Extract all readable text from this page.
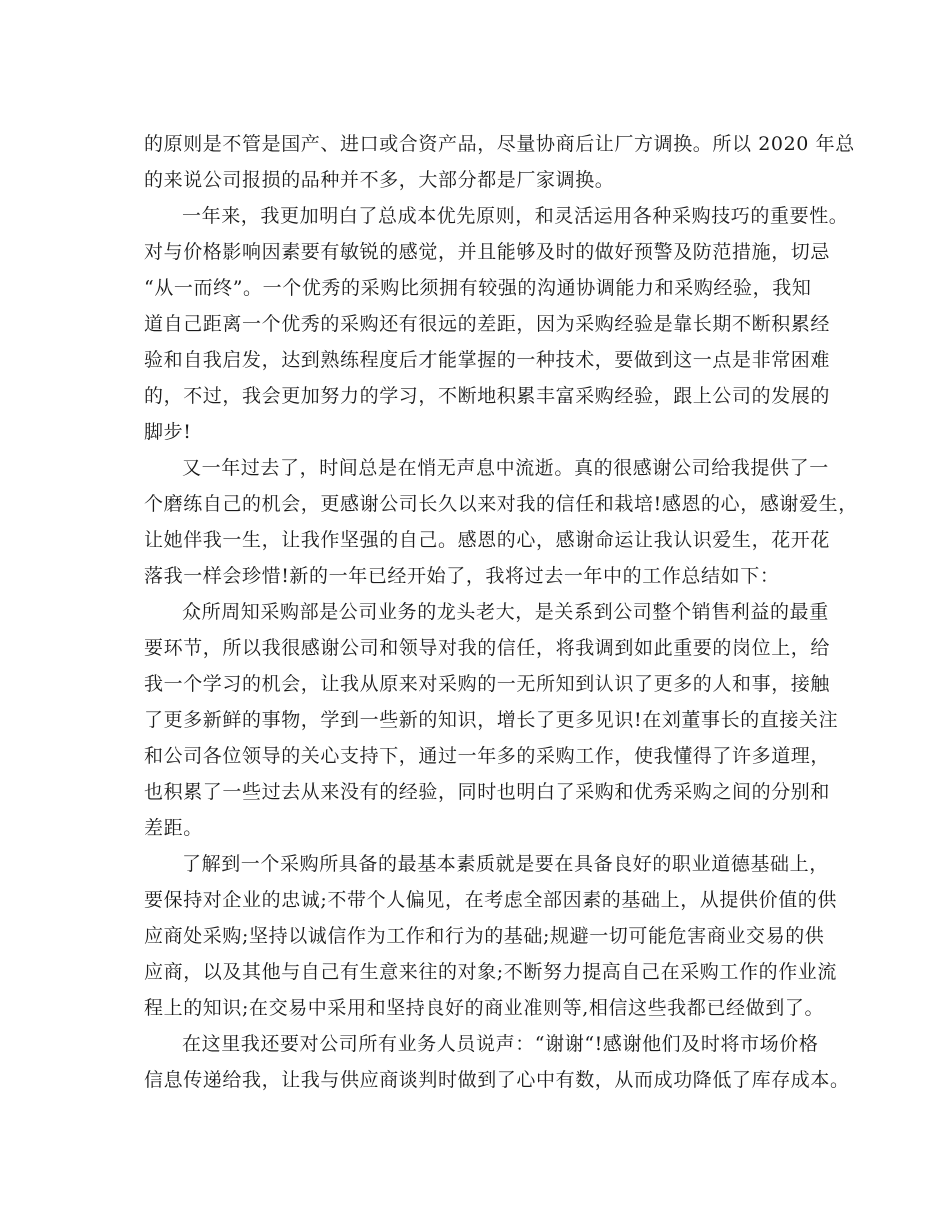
的原则是不管是国产、进口或合资产品，尽量协商后让厂方调换。所以 2020 年总
的来说公司报损的品种并不多，大部分都是厂家调换。
一年来，我更加明白了总成本优先原则，和灵活运用各种采购技巧的重要性。
对与价格影响因素要有敏锐的感觉，并且能够及时的做好预警及防范措施，切忌
“从一而终”。一个优秀的采购比须拥有较强的沟通协调能力和采购经验，我知
道自己距离一个优秀的采购还有很远的差距，因为采购经验是靠长期不断积累经
验和自我启发，达到熟练程度后才能掌握的一种技术，要做到这一点是非常困难
的，不过，我会更加努力的学习，不断地积累丰富采购经验，跟上公司的发展的
脚步!
又一年过去了，时间总是在悄无声息中流逝。真的很感谢公司给我提供了一
个磨练自己的机会，更感谢公司长久以来对我的信任和栽培!感恩的心，感谢爱生，
让她伴我一生，让我作坚强的自己。感恩的心，感谢命运让我认识爱生，花开花
落我一样会珍惜!新的一年已经开始了，我将过去一年中的工作总结如下：
众所周知采购部是公司业务的龙头老大，是关系到公司整个销售利益的最重
要环节，所以我很感谢公司和领导对我的信任，将我调到如此重要的岗位上，给
我一个学习的机会，让我从原来对采购的一无所知到认识了更多的人和事，接触
了更多新鲜的事物，学到一些新的知识，增长了更多见识!在刘董事长的直接关注
和公司各位领导的关心支持下，通过一年多的采购工作，使我懂得了许多道理，
也积累了一些过去从来没有的经验，同时也明白了采购和优秀采购之间的分别和
差距。
了解到一个采购所具备的最基本素质就是要在具备良好的职业道德基础上，
要保持对企业的忠诚;不带个人偏见，在考虑全部因素的基础上，从提供价值的供
应商处采购;坚持以诚信作为工作和行为的基础;规避一切可能危害商业交易的供
应商，以及其他与自己有生意来往的对象;不断努力提高自己在采购工作的作业流
程上的知识;在交易中采用和坚持良好的商业准则等,相信这些我都已经做到了。
在这里我还要对公司所有业务人员说声：“谢谢“!感谢他们及时将市场价格
信息传递给我，让我与供应商谈判时做到了心中有数，从而成功降低了库存成本。
